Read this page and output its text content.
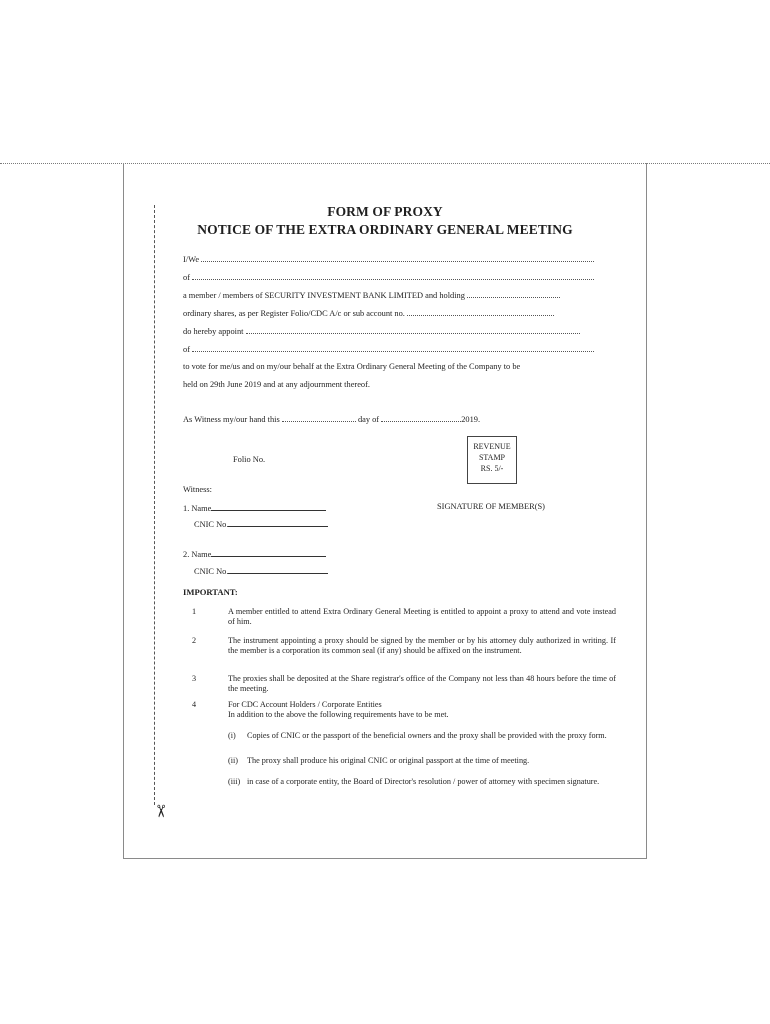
✂
FORM OF PROXY
NOTICE OF THE EXTRA ORDINARY GENERAL MEETING
I/We
of
a member / members of SECURITY INVESTMENT BANK LIMITED and holding
ordinary shares, as per Register Folio/CDC A/c or sub account no.
do hereby appoint
of
to vote for me/us and on my/our behalf at the Extra Ordinary General Meeting of the Company to be
held on 29th June 2019 and at any adjournment thereof.
As Witness my/our hand this	day of	2019.
Folio No.
REVENUE
STAMP
RS. 5/-
Witness:
1. Name	SIGNATURE OF MEMBER(S)
CNIC No.
2. Name
CNIC No.
IMPORTANT:
1	A member entitled to attend Extra Ordinary General Meeting is entitled to appoint a proxy to attend and vote instead of him.
2	The instrument appointing a proxy should be signed by the member or by his attorney duly authorized in writing. If the member is a corporation its common seal (if any) should be affixed on the instrument.
3	The proxies shall be deposited at the Share registrar's office of the Company not less than 48 hours before the time of the meeting.
4	For CDC Account Holders / Corporate Entities
In addition to the above the following requirements have to be met.
(i) Copies of CNIC or the passport of the beneficial owners and the proxy shall be provided with the proxy form.
(ii) The proxy shall produce his original CNIC or original passport at the time of meeting.
(iii) in case of a corporate entity, the Board of Director's resolution / power of attorney with specimen signature.
